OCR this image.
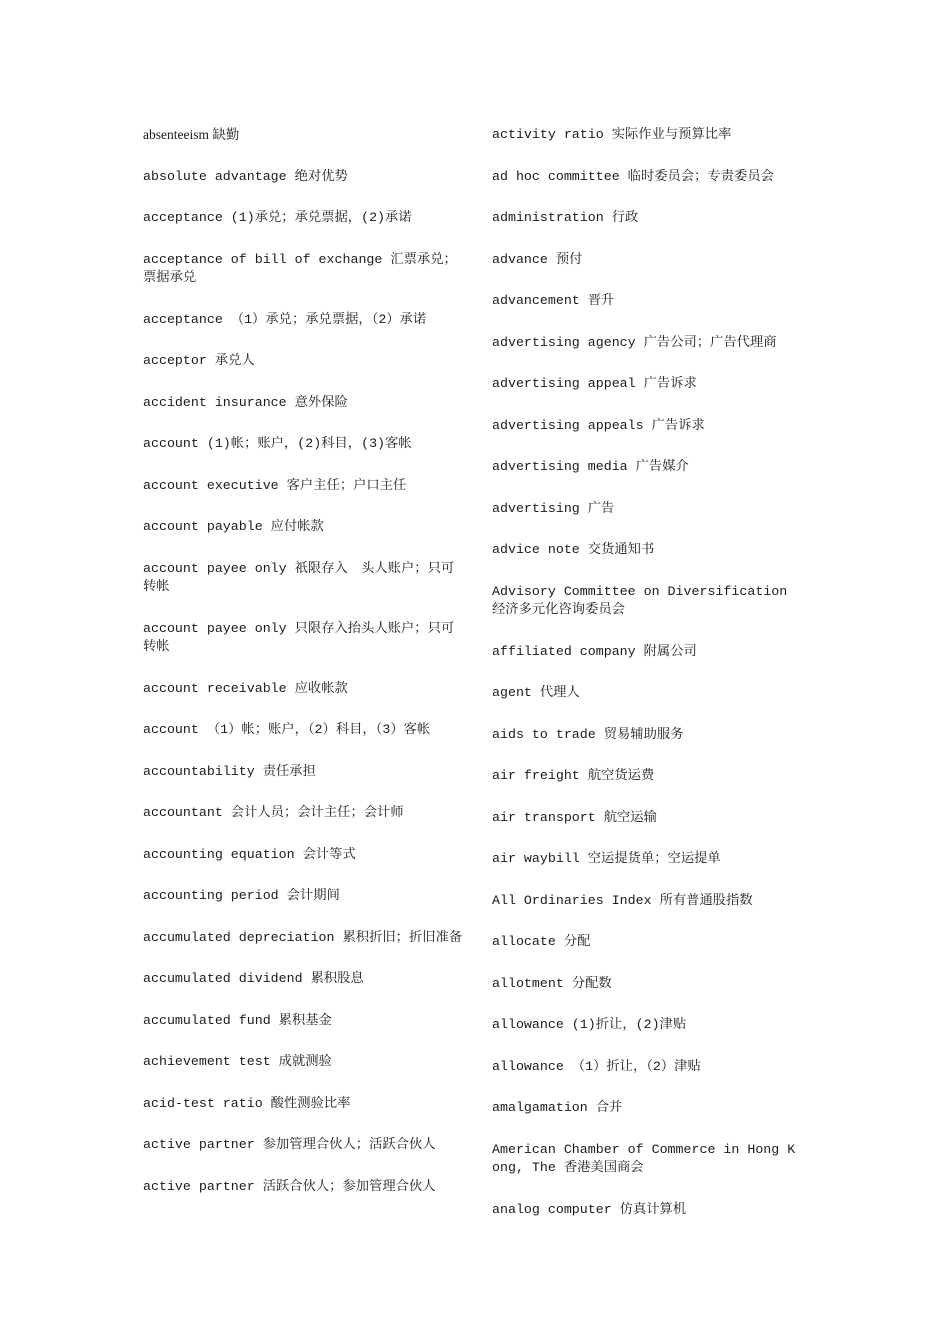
absenteeism 缺勤

absolute advantage 绝对优势

acceptance (1)承兑；承兑票据，(2)承诺

acceptance of bill of exchange 汇票承兑；票据承兑

acceptance （1）承兑；承兑票据，（2）承诺

acceptor 承兑人

accident insurance 意外保险

account (1)帐；账户，(2)科目，(3)客帐

account executive 客户主任；户口主任

account payable 应付帐款

account payee only 祇限存入　头人账户；只可转帐

account payee only 只限存入抬头人账户；只可转帐

account receivable 应收帐款

account （1）帐；账户，（2）科目，（3）客帐

accountability 责任承担

accountant 会计人员；会计主任；会计师

accounting equation 会计等式

accounting period 会计期间

accumulated depreciation 累积折旧；折旧准备

accumulated dividend 累积股息

accumulated fund 累积基金

achievement test 成就测验

acid-test ratio 酸性测验比率

active partner 参加管理合伙人；活跃合伙人

active partner 活跃合伙人；参加管理合伙人

activity ratio 实际作业与预算比率

ad hoc committee 临时委员会；专责委员会

administration 行政

advance 预付

advancement 晋升

advertising agency 广告公司；广告代理商

advertising appeal 广告诉求

advertising appeals 广告诉求

advertising media 广告媒介

advertising 广告

advice note 交货通知书

Advisory Committee on Diversification 经济多元化咨询委员会

affiliated company 附属公司

agent 代理人

aids to trade 贸易辅助服务

air freight 航空货运费

air transport 航空运输

air waybill 空运提货单；空运提单

All Ordinaries Index 所有普通股指数

allocate 分配

allotment 分配数

allowance (1)折让，(2)津贴

allowance （1）折让，（2）津贴

amalgamation 合并

American Chamber of Commerce in Hong Kong, The 香港美国商会

analog computer 仿真计算机
